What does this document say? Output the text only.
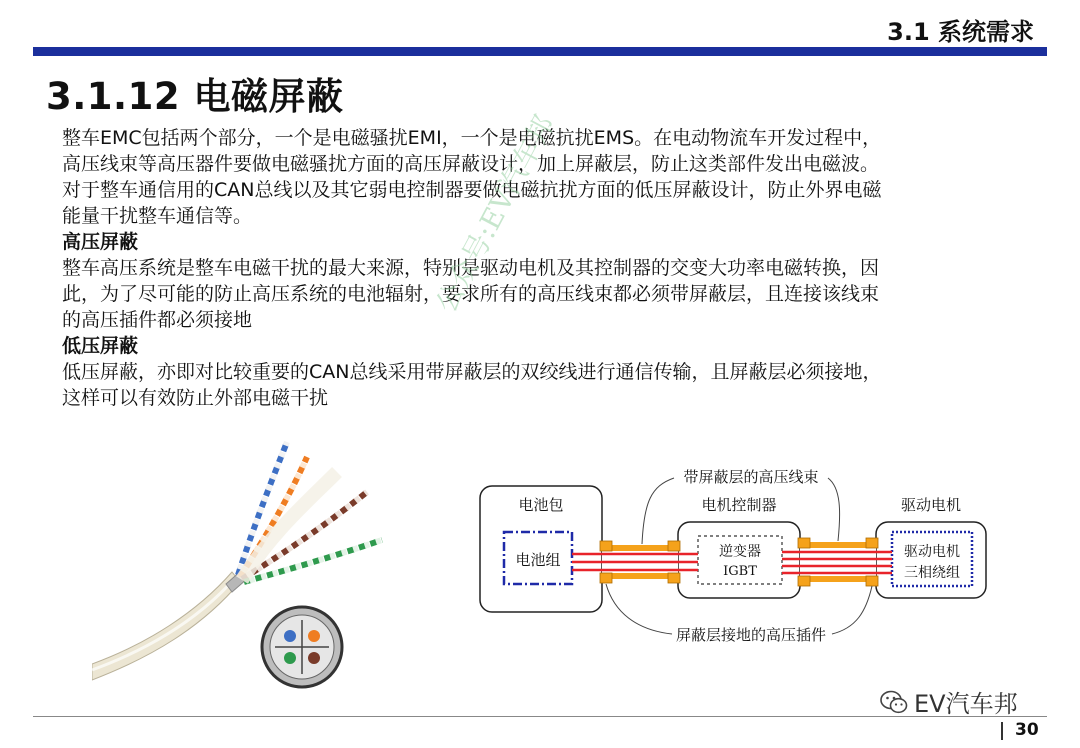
3.1 系统需求
3.1.12 电磁屏蔽

整车EMC包括两个部分，一个是电磁骚扰EMI，一个是电磁抗扰EMS。在电动物流车开发过程中，

高压线束等高压器件要做电磁骚扰方面的高压屏蔽设计，加上屏蔽层，防止这类部件发出电磁波。

对于整车通信用的CAN总线以及其它弱电控制器要做电磁抗扰方面的低压屏蔽设计，防止外界电磁

能量干扰整车通信等。

高压屏蔽

整车高压系统是整车电磁干扰的最大来源，特别是驱动电机及其控制器的交变大功率电磁转换，因

此，为了尽可能的防止高压系统的电池辐射，要求所有的高压线束都必须带屏蔽层，且连接该线束

的高压插件都必须接地

低压屏蔽

低压屏蔽，亦即对比较重要的CAN总线采用带屏蔽层的双绞线进行通信传输，且屏蔽层必须接地，

这样可以有效防止外部电磁干扰

公众号:EV汽车邦
带屏蔽层的高压线束
电池包
电池组
电机控制器
逆变器
IGBT
驱动电机
驱动电机
三相绕组
屏蔽层接地的高压插件
EV汽车邦
30
